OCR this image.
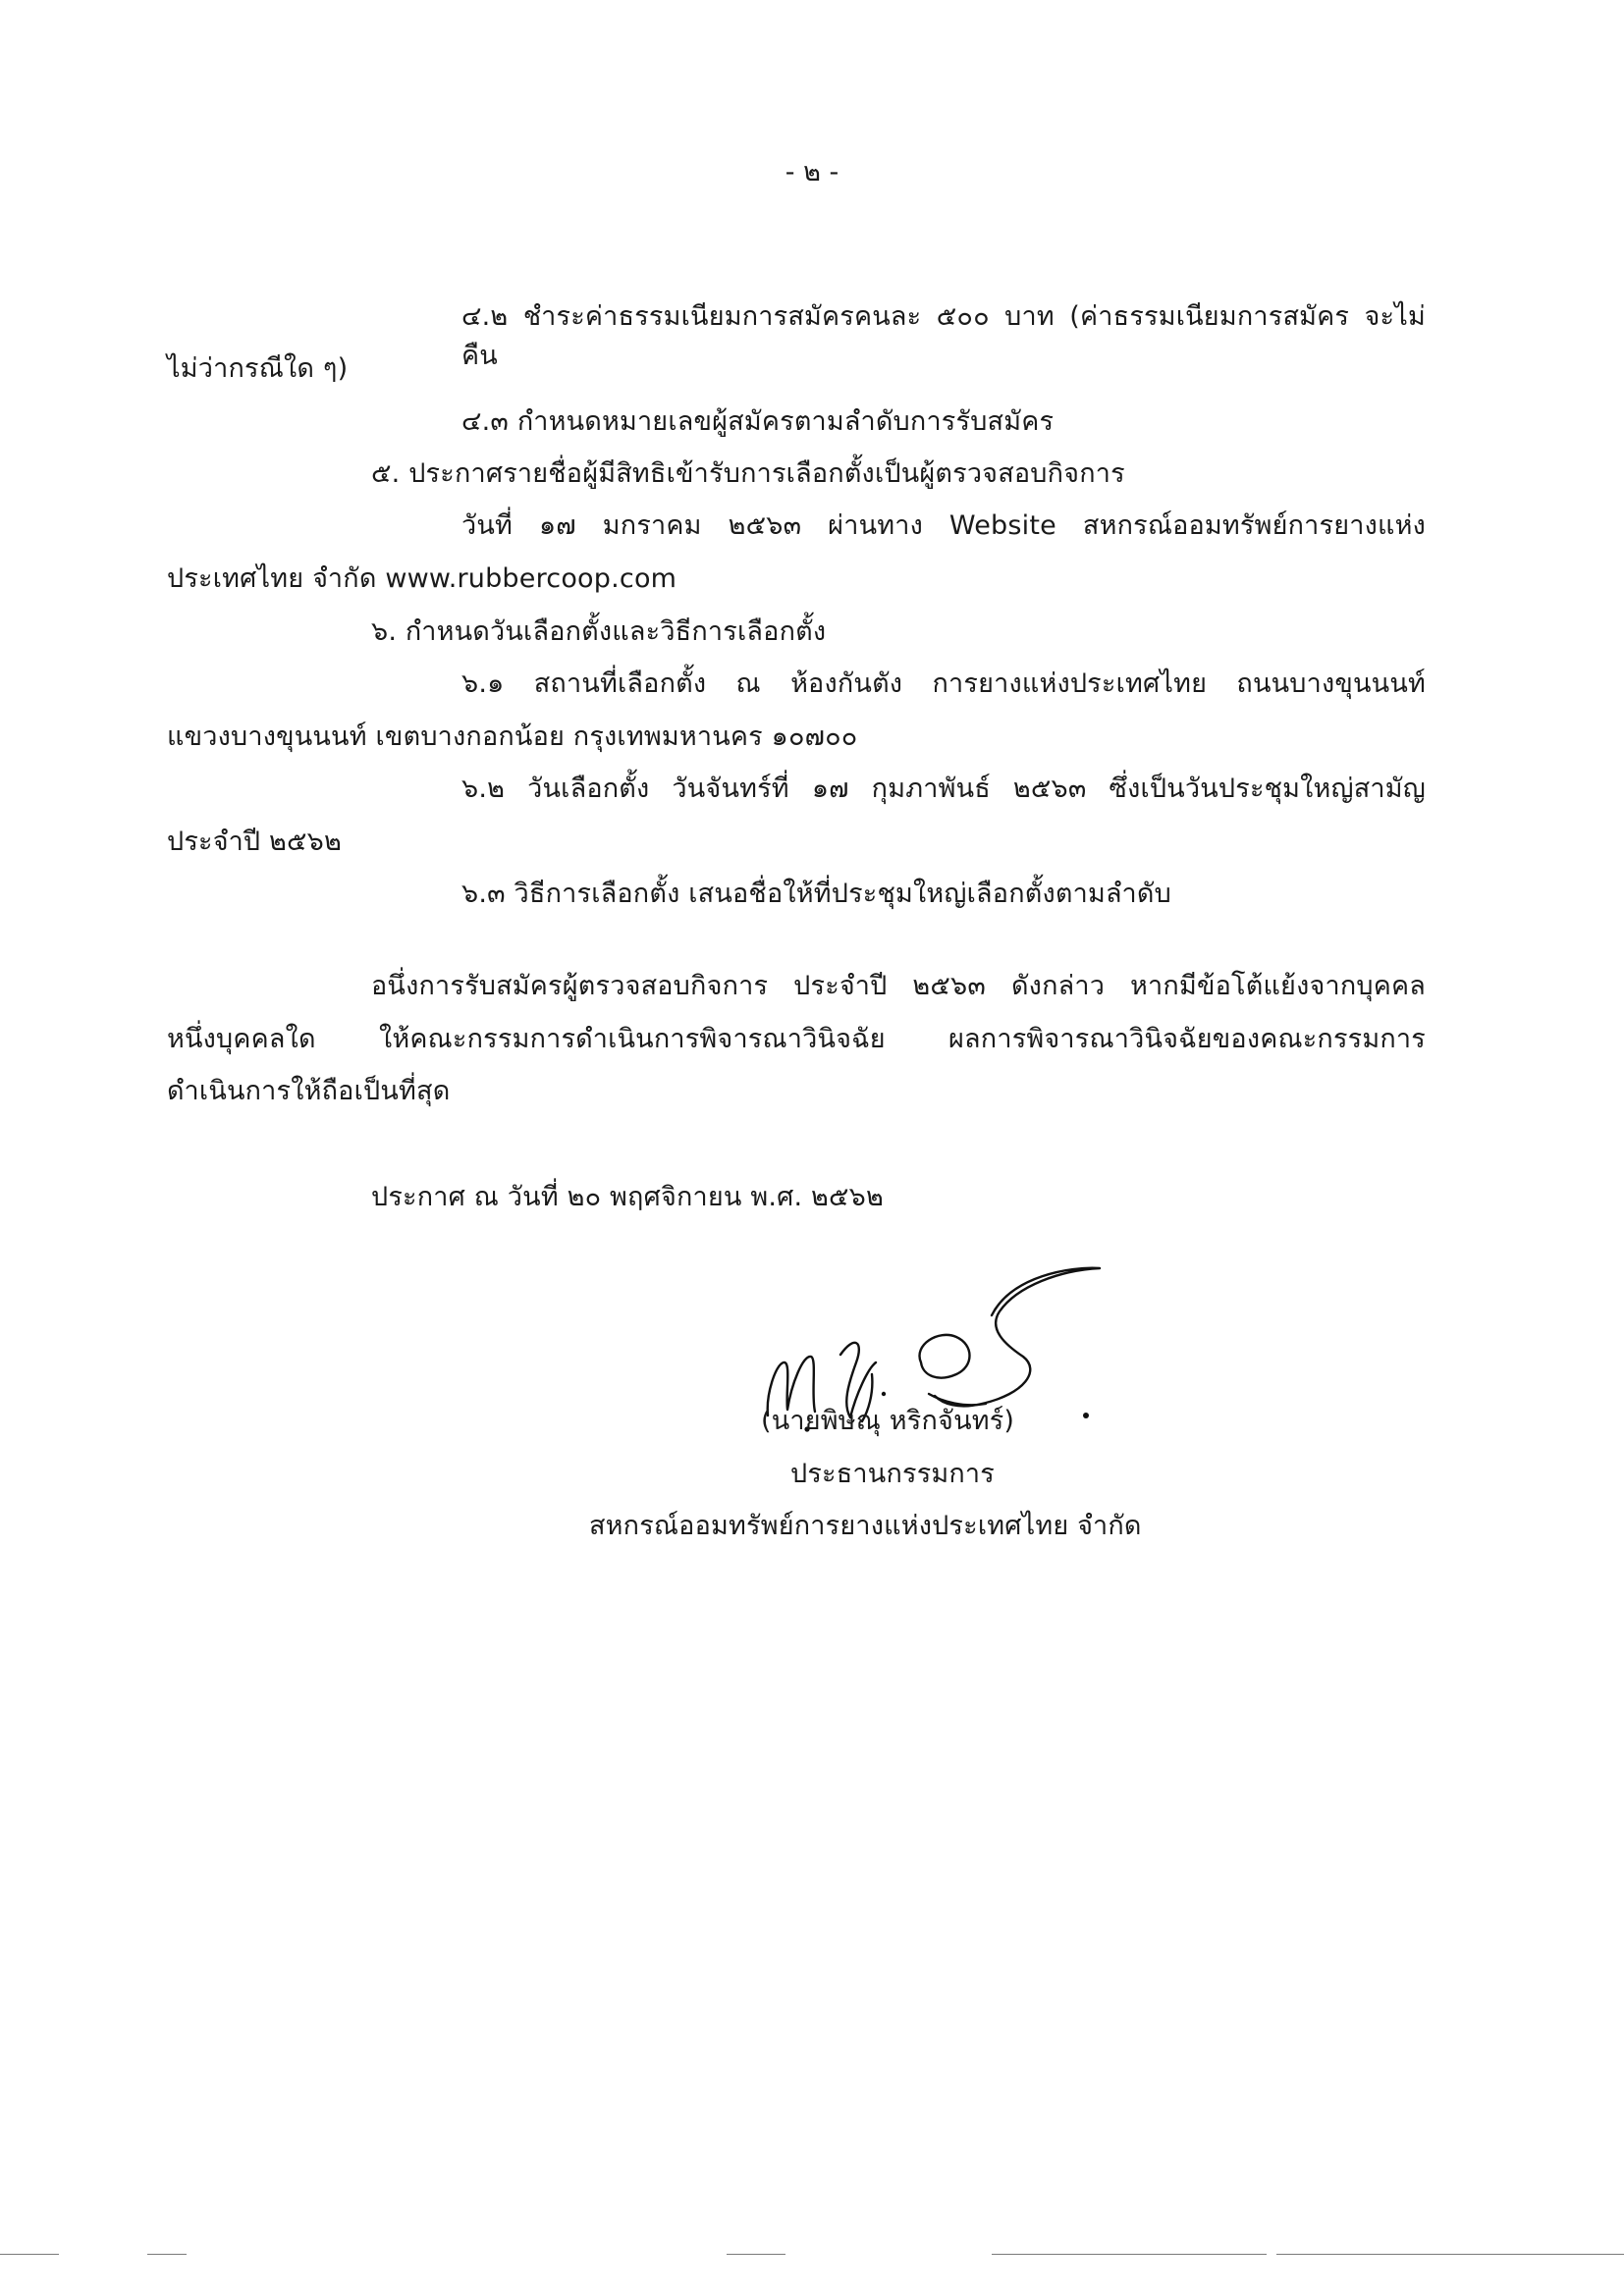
- ๒ -
๔.๒ ชำระค่าธรรมเนียมการสมัครคนละ ๕๐๐ บาท (ค่าธรรมเนียมการสมัคร จะไม่คืน
ไม่ว่ากรณีใด ๆ)
๔.๓ กำหนดหมายเลขผู้สมัครตามลำดับการรับสมัคร
๕. ประกาศรายชื่อผู้มีสิทธิเข้ารับการเลือกตั้งเป็นผู้ตรวจสอบกิจการ
วันที่ ๑๗ มกราคม ๒๕๖๓ ผ่านทาง Website สหกรณ์ออมทรัพย์การยางแห่ง
ประเทศไทย จำกัด www.rubbercoop.com
๖. กำหนดวันเลือกตั้งและวิธีการเลือกตั้ง
๖.๑ สถานที่เลือกตั้ง ณ ห้องกันตัง การยางแห่งประเทศไทย ถนนบางขุนนนท์
แขวงบางขุนนนท์ เขตบางกอกน้อย กรุงเทพมหานคร ๑๐๗๐๐
๖.๒ วันเลือกตั้ง วันจันทร์ที่ ๑๗ กุมภาพันธ์ ๒๕๖๓ ซึ่งเป็นวันประชุมใหญ่สามัญ
ประจำปี ๒๕๖๒
๖.๓ วิธีการเลือกตั้ง เสนอชื่อให้ที่ประชุมใหญ่เลือกตั้งตามลำดับ
อนึ่งการรับสมัครผู้ตรวจสอบกิจการ ประจำปี ๒๕๖๓ ดังกล่าว หากมีข้อโต้แย้งจากบุคคล
หนึ่งบุคคลใด ให้คณะกรรมการดำเนินการพิจารณาวินิจฉัย ผลการพิจารณาวินิจฉัยของคณะกรรมการ
ดำเนินการให้ถือเป็นที่สุด
ประกาศ ณ วันที่ ๒๐ พฤศจิกายน พ.ศ. ๒๕๖๒
(นายพิษณุ หริกจันทร์)
ประธานกรรมการ
สหกรณ์ออมทรัพย์การยางแห่งประเทศไทย จำกัด
